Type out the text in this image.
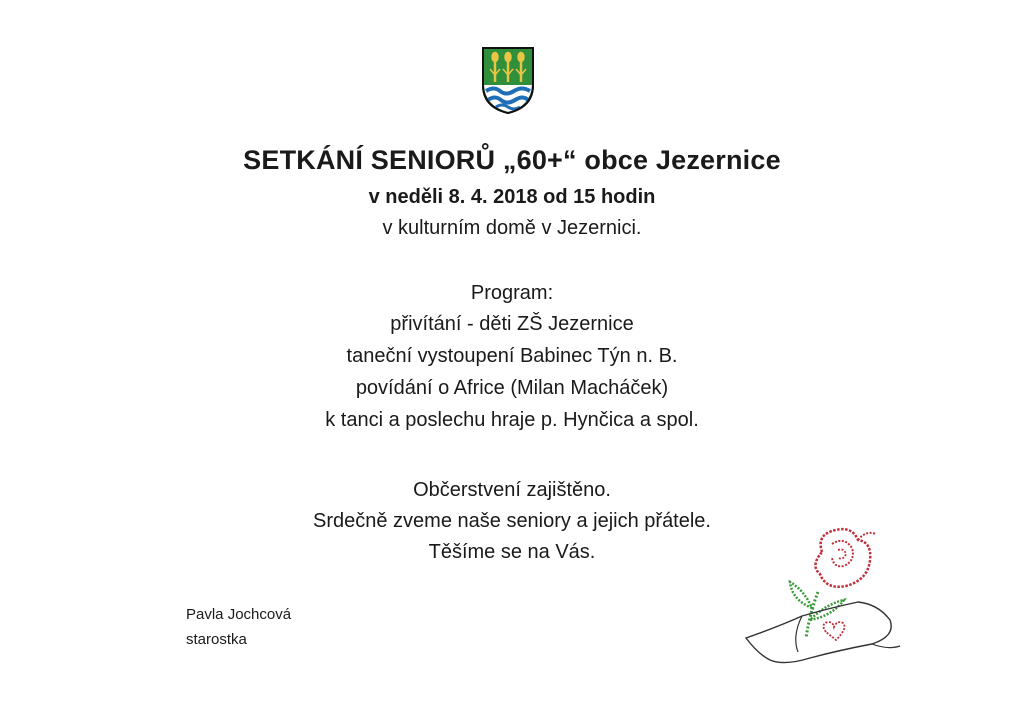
SETKÁNÍ SENIORŮ „60+“ obce Jezernice
v neděli 8. 4. 2018 od 15 hodin
v kulturním domě v Jezernici.
Program:
přivítání - děti ZŠ Jezernice
taneční vystoupení Babinec Týn n. B.
povídání o Africe (Milan Macháček)
k tanci a poslechu hraje p. Hynčica a spol.
Občerstvení zajištěno.
Srdečně zveme naše seniory a jejich přátele.
Těšíme se na Vás.
Pavla Jochcová
starostka
